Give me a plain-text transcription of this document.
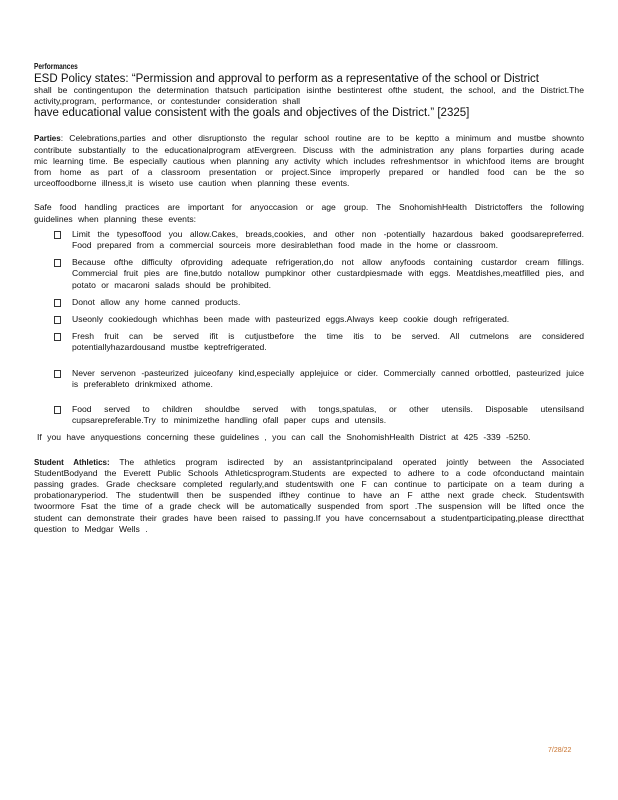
Performances

ESD Policy states: “Permission and approval to perform as a representative of the school or District
shall be contingentupon the determination thatsuch participation isinthe bestinterest ofthe student, the school, and the District.The activity,program, performance, or contestunder consideration shall
have educational value consistent with the goals and objectives of the District.” [2325]

Parties: Celebrations,parties and other disruptionsto the regular school routine are to be keptto a minimum and mustbe shownto contribute substantially to the educationalprogram atEvergreen. Discuss with the administration any plans forparties during acade mic learning time. Be especially cautious when planning any activity which includes refreshmentsor in whichfood items are brought from home as part of a classroom presentation or project.Since improperly prepared or handled food can be the so urceoffoodborne illness,it is wiseto use caution when planning these events.

Safe food handling practices are important for anyoccasion or age group. The SnohomishHealth Districtoffers the following guidelines when planning these events:

Limit the typesoffood you allow.Cakes, breads,cookies, and other non -potentially hazardous baked goodsarepreferred. Food prepared from a commercial sourceis more desirablethan food made in the home or classroom.
Because ofthe difficulty ofproviding adequate refrigeration,do not allow anyfoods containing custardor cream fillings. Commercial fruit pies are fine,butdo notallow pumpkinor other custardpiesmade with eggs. Meatdishes,meatfilled pies, and potato or macaroni salads should be prohibited.
Donot allow any home canned products.
Useonly cookiedough whichhas been made with pasteurized eggs.Always keep cookie dough refrigerated.
Fresh fruit can be served ifit is cutjustbefore the time itis to be served. All cutmelons are considered potentiallyhazardousand mustbe keptrefrigerated.
Never servenon -pasteurized juiceofany kind,especially applejuice or cider. Commercially canned orbottled, pasteurized juice is preferableto drinkmixed athome.
Food served to children shouldbe served with tongs,spatulas, or other utensils. Disposable utensilsand cupsarepreferable.Try to minimizethe handling ofall paper cups and utensils.

If you have anyquestions concerning these guidelines , you can call the SnohomishHealth District at 425 -339 -5250.

Student Athletics: The athletics program isdirected by an assistantprincipaland operated jointly between the Associated StudentBodyand the Everett Public Schools Athleticsprogram.Students are expected to adhere to a code ofconductand maintain passing grades. Grade checksare completed regularly,and studentswith one F can continue to participate on a team during a probationaryperiod. The studentwill then be suspended ifthey continue to have an F atthe next grade check. Studentswith twoormore Fsat the time of a grade check will be automatically suspended from sport .The suspension will be lifted once the student can demonstrate their grades have been raised to passing.If you have concernsabout a studentparticipating,please directthat question to Medgar Wells .

7/28/22
